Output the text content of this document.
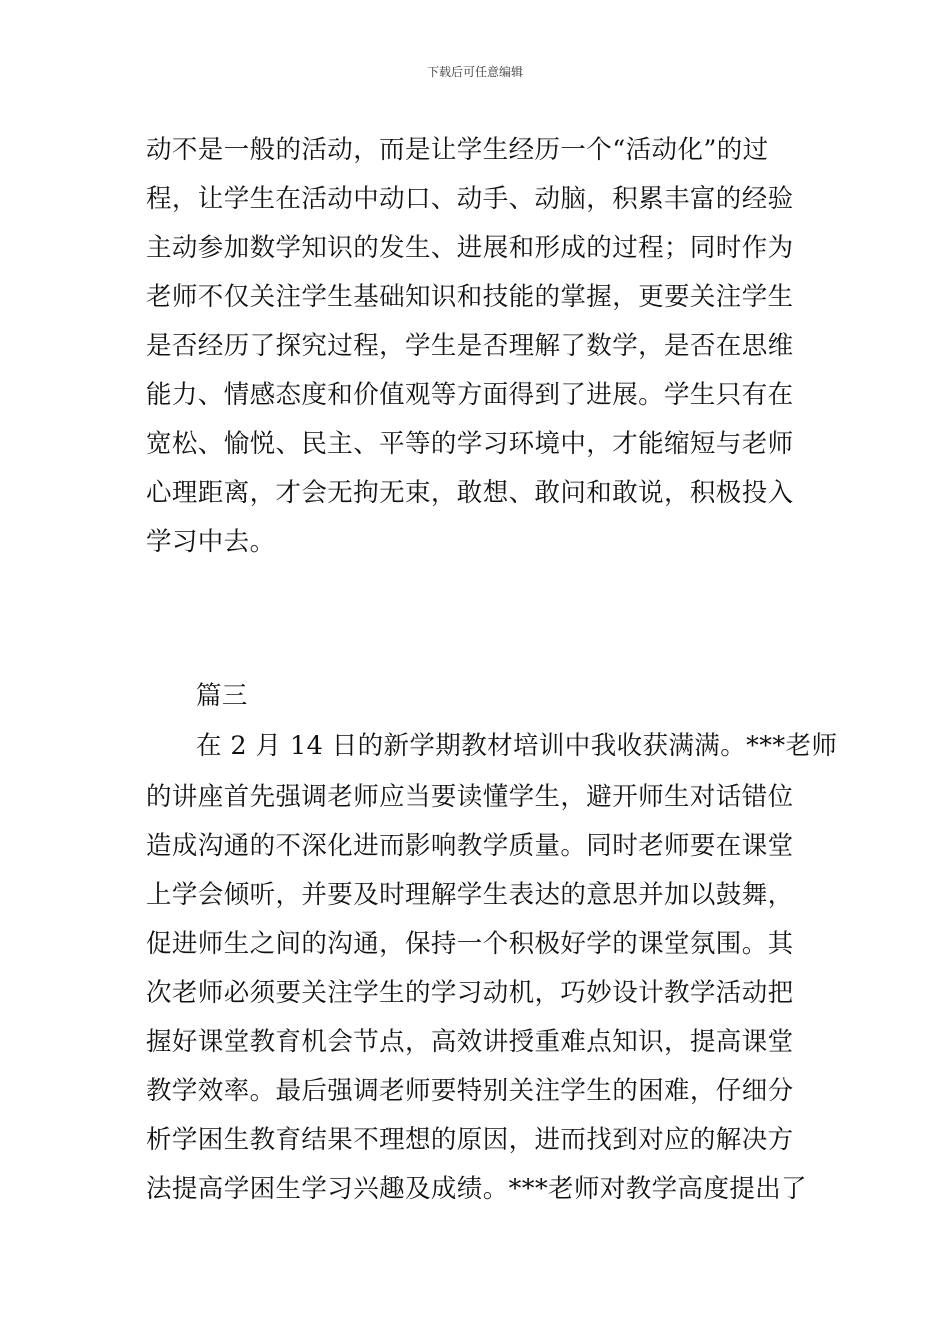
下载后可任意编辑
动不是一般的活动，而是让学生经历一个“活动化”的过
程，让学生在活动中动口、动手、动脑，积累丰富的经验
主动参加数学知识的发生、进展和形成的过程；同时作为
老师不仅关注学生基础知识和技能的掌握，更要关注学生
是否经历了探究过程，学生是否理解了数学，是否在思维
能力、情感态度和价值观等方面得到了进展。学生只有在
宽松、愉悦、民主、平等的学习环境中，才能缩短与老师
心理距离，才会无拘无束，敢想、敢问和敢说，积极投入
学习中去。
篇三
在 2 月 14 日的新学期教材培训中我收获满满。***老师
的讲座首先强调老师应当要读懂学生，避开师生对话错位
造成沟通的不深化进而影响教学质量。同时老师要在课堂
上学会倾听，并要及时理解学生表达的意思并加以鼓舞，
促进师生之间的沟通，保持一个积极好学的课堂氛围。其
次老师必须要关注学生的学习动机，巧妙设计教学活动把
握好课堂教育机会节点，高效讲授重难点知识，提高课堂
教学效率。最后强调老师要特别关注学生的困难，仔细分
析学困生教育结果不理想的原因，进而找到对应的解决方
法提高学困生学习兴趣及成绩。***老师对教学高度提出了
